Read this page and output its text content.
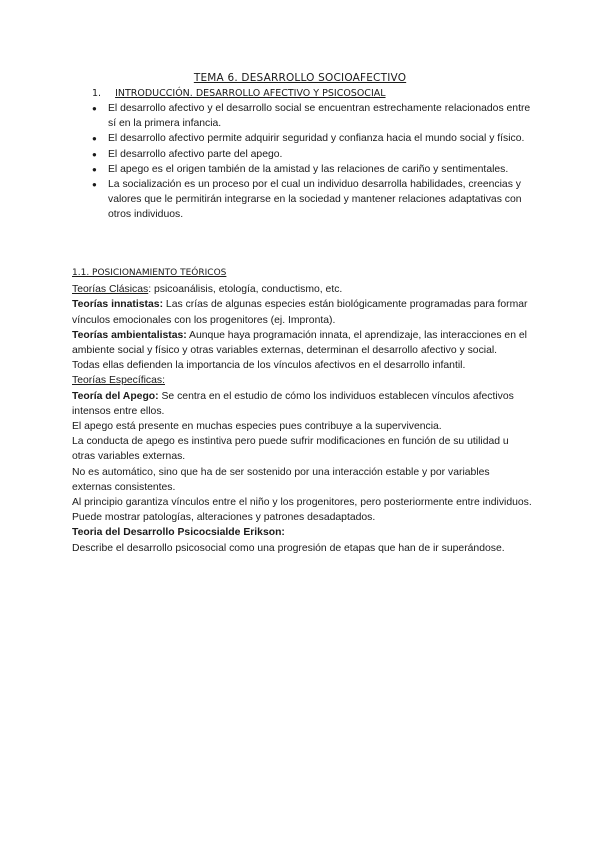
TEMA 6. DESARROLLO SOCIOAFECTIVO
1. INTRODUCCIÓN. DESARROLLO AFECTIVO Y PSICOSOCIAL
● El desarrollo afectivo y el desarrollo social se encuentran estrechamente relacionados entre sí en la primera infancia.
● El desarrollo afectivo permite adquirir seguridad y confianza hacia el mundo social y físico.
● El desarrollo afectivo parte del apego.
● El apego es el origen también de la amistad y las relaciones de cariño y sentimentales.
● La socialización es un proceso por el cual un individuo desarrolla habilidades, creencias y valores que le permitirán integrarse en la sociedad y mantener relaciones adaptativas con otros individuos.
1.1. POSICIONAMIENTO TEÓRICOS

Teorías Clásicas: psicoanálisis, etología, conductismo, etc.

Teorías innatistas: Las crías de algunas especies están biológicamente programadas para formar vínculos emocionales con los progenitores (ej. Impronta).

Teorías ambientalistas: Aunque haya programación innata, el aprendizaje, las interacciones en el ambiente social y físico y otras variables externas, determinan el desarrollo afectivo y social.

Todas ellas defienden la importancia de los vínculos afectivos en el desarrollo infantil.

Teorías Específicas:

Teoría del Apego: Se centra en el estudio de cómo los individuos establecen vínculos afectivos intensos entre ellos.

El apego está presente en muchas especies pues contribuye a la supervivencia.

La conducta de apego es instintiva pero puede sufrir modificaciones en función de su utilidad u otras variables externas.

No es automático, sino que ha de ser sostenido por una interacción estable y por variables externas consistentes.

Al principio garantiza vínculos entre el niño y los progenitores, pero posteriormente entre individuos.

Puede mostrar patologías, alteraciones y patrones desadaptados.

Teoria del Desarrollo Psicocsialde Erikson:

Describe el desarrollo psicosocial como una progresión de etapas que han de ir superándose.
